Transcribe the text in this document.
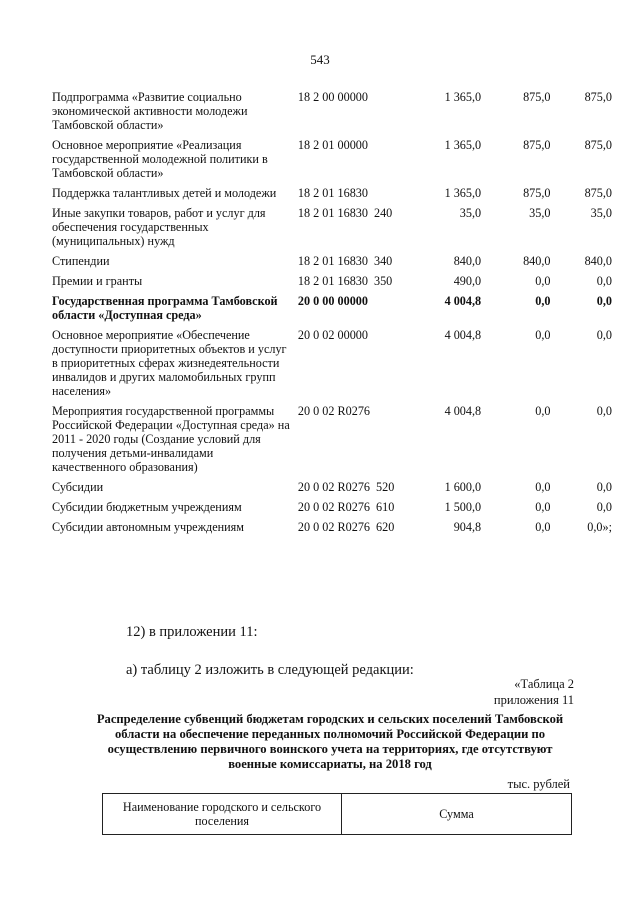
543
Подпрограмма «Развитие социально экономической активности молодежи Тамбовской области»	18 2 00 00000	1 365,0	875,0	875,0
Основное мероприятие «Реализация государственной молодежной политики в Тамбовской области»	18 2 01 00000	1 365,0	875,0	875,0
Поддержка талантливых детей и молодежи	18 2 01 16830	1 365,0	875,0	875,0
Иные закупки товаров, работ и услуг для обеспечения государственных (муниципальных) нужд	18 2 01 16830 240	35,0	35,0	35,0
Стипендии	18 2 01 16830 340	840,0	840,0	840,0
Премии и гранты	18 2 01 16830 350	490,0	0,0	0,0
Государственная программа Тамбовской области «Доступная среда»	20 0 00 00000	4 004,8	0,0	0,0
Основное мероприятие «Обеспечение доступности приоритетных объектов и услуг в приоритетных сферах жизнедеятельности инвалидов и других маломобильных групп населения»	20 0 02 00000	4 004,8	0,0	0,0
Мероприятия государственной программы Российской Федерации «Доступная среда» на 2011 - 2020 годы (Создание условий для получения детьми-инвалидами качественного образования)	20 0 02 R0276	4 004,8	0,0	0,0
Субсидии	20 0 02 R0276 520	1 600,0	0,0	0,0
Субсидии бюджетным учреждениям	20 0 02 R0276 610	1 500,0	0,0	0,0
Субсидии автономным учреждениям	20 0 02 R0276 620	904,8	0,0	0,0»;
12) в приложении 11:
а) таблицу 2 изложить в следующей редакции:
«Таблица 2
приложения 11
Распределение субвенций бюджетам городских и сельских поселений Тамбовской области на обеспечение переданных полномочий Российской Федерации по осуществлению первичного воинского учета на территориях, где отсутствуют военные комиссариаты, на 2018 год
тыс. рублей
Наименование городского и сельского поселения	Сумма
